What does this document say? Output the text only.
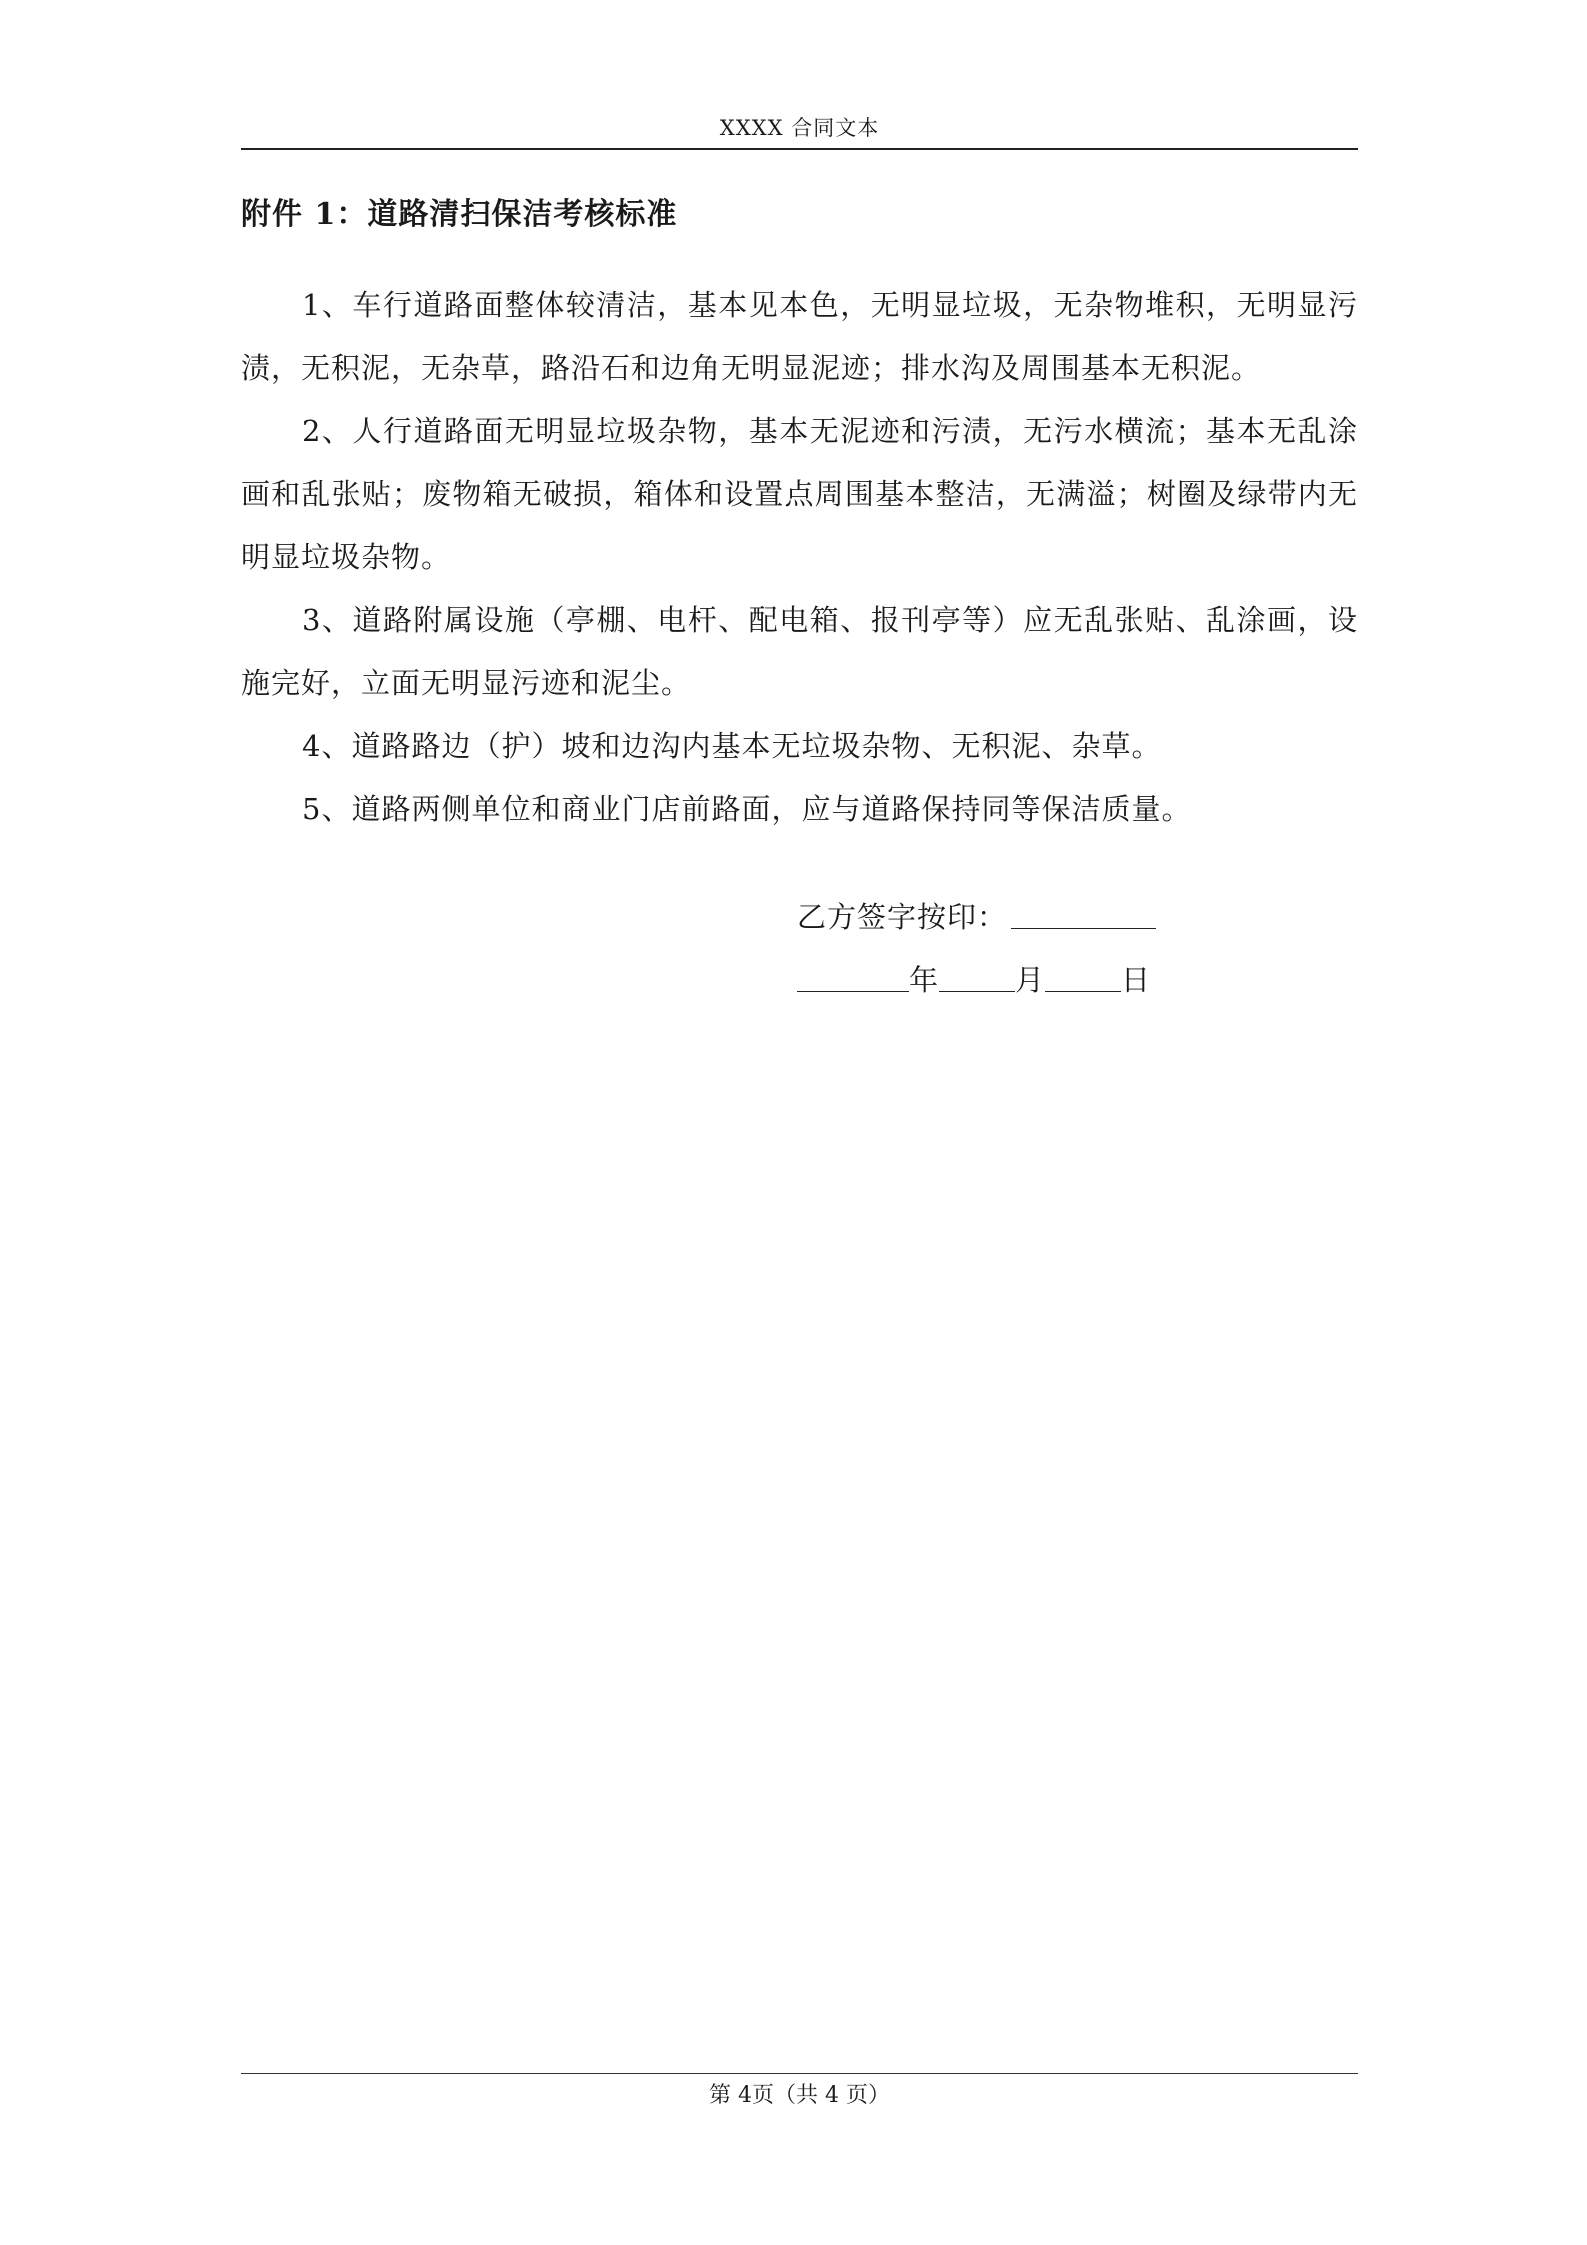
XXXX 合同文本
附件 1：道路清扫保洁考核标准

1、车行道路面整体较清洁，基本见本色，无明显垃圾，无杂物堆积，无明显污渍，无积泥，无杂草，路沿石和边角无明显泥迹；排水沟及周围基本无积泥。

2、人行道路面无明显垃圾杂物，基本无泥迹和污渍，无污水横流；基本无乱涂画和乱张贴；废物箱无破损，箱体和设置点周围基本整洁，无满溢；树圈及绿带内无明显垃圾杂物。

3、道路附属设施（亭棚、电杆、配电箱、报刊亭等）应无乱张贴、乱涂画，设施完好，立面无明显污迹和泥尘。

4、道路路边（护）坡和边沟内基本无垃圾杂物、无积泥、杂草。

5、道路两侧单位和商业门店前路面，应与道路保持同等保洁质量。

乙方签字按印：
年	月	日
第 4页（共 4 页）
